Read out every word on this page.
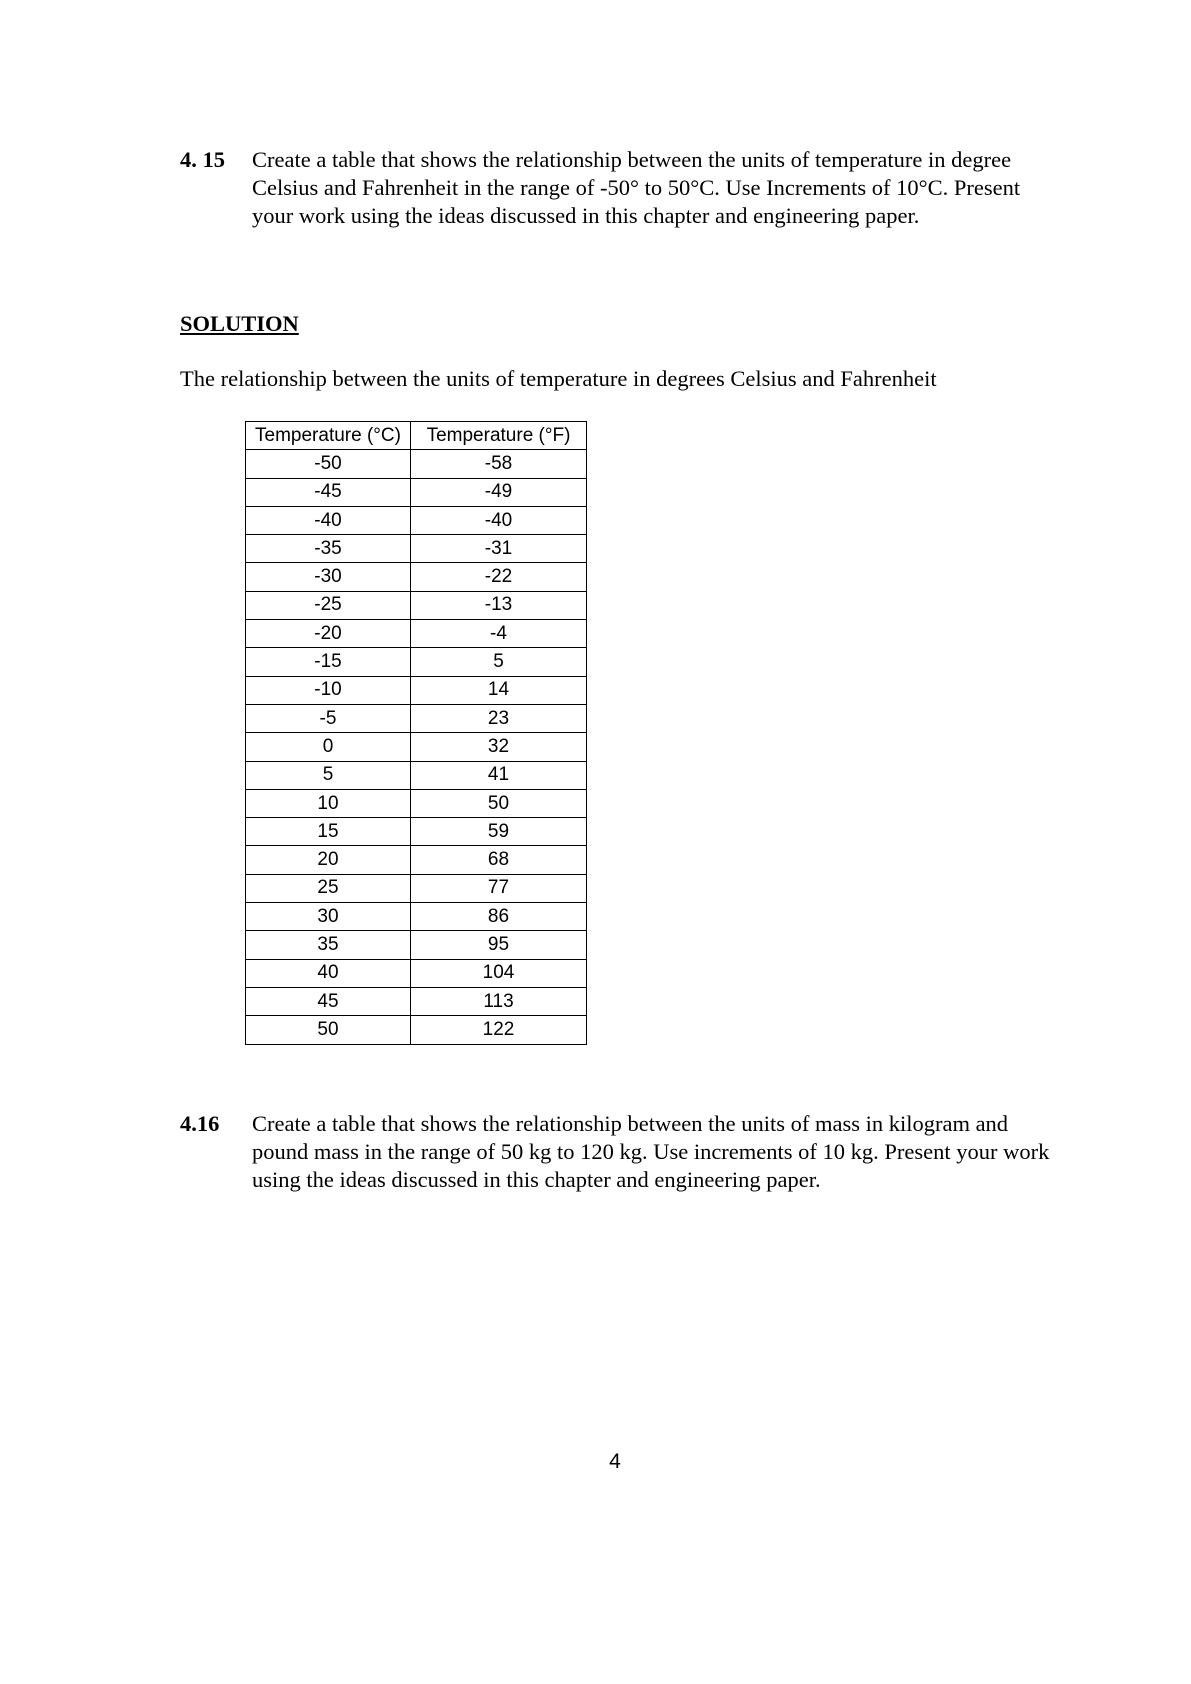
4. 15 Create a table that shows the relationship between the units of temperature in degree Celsius and Fahrenheit in the range of -50° to 50°C. Use Increments of 10°C. Present your work using the ideas discussed in this chapter and engineering paper.
SOLUTION
The relationship between the units of temperature in degrees Celsius and Fahrenheit
Temperature (°C)	Temperature (°F)
-50	-58
-45	-49
-40	-40
-35	-31
-30	-22
-25	-13
-20	-4
-15	5
-10	14
-5	23
0	32
5	41
10	50
15	59
20	68
25	77
30	86
35	95
40	104
45	113
50	122
4.16 Create a table that shows the relationship between the units of mass in kilogram and pound mass in the range of 50 kg to 120 kg. Use increments of 10 kg. Present your work using the ideas discussed in this chapter and engineering paper.
4
